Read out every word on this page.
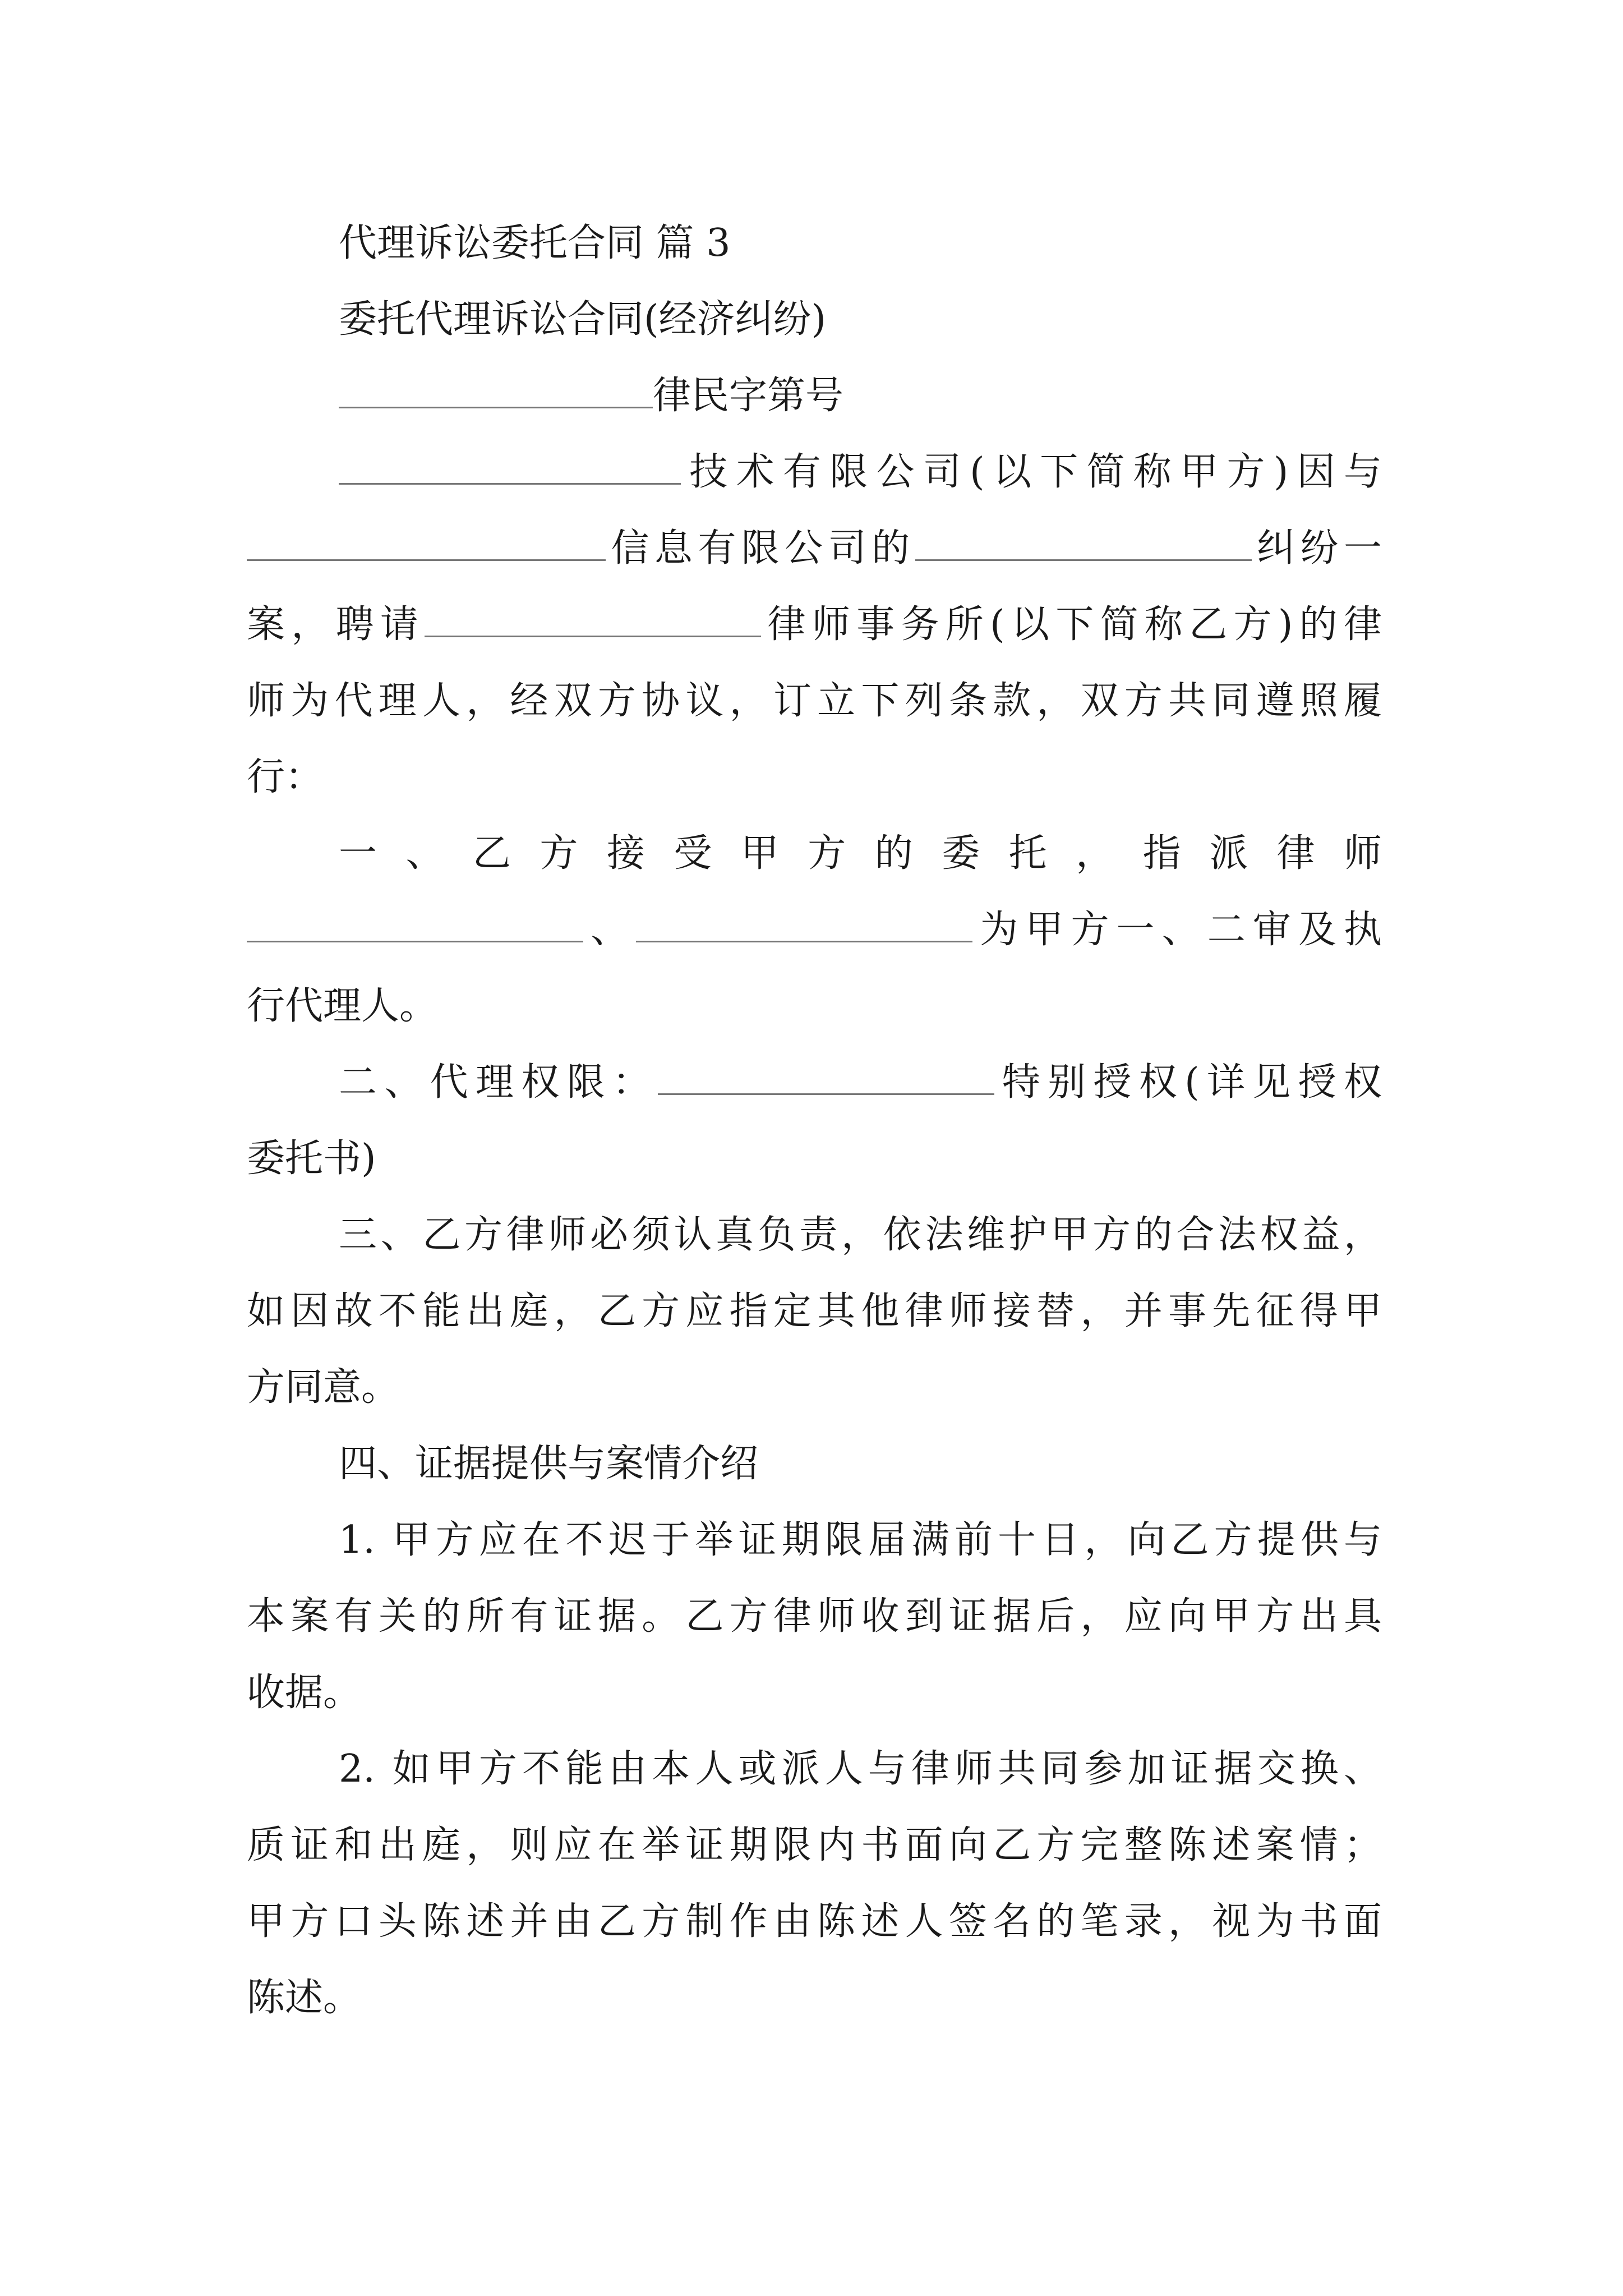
代理诉讼委托合同 篇 3
委托代理诉讼合同(经济纠纷)
律民字第号
技术有限公司(以下简称甲方)因与
信息有限公司的	纠纷一
案，聘请	律师事务所(以下简称乙方)的律
师为代理人，经双方协议，订立下列条款，双方共同遵照履
行：
一、乙方接受甲方的委托，指派律师
、	为甲方一、二审及执
行代理人。
二、代理权限：	特别授权(详见授权
委托书)
三、乙方律师必须认真负责，依法维护甲方的合法权益，
如因故不能出庭，乙方应指定其他律师接替，并事先征得甲
方同意。
四、证据提供与案情介绍
1. 甲方应在不迟于举证期限届满前十日，向乙方提供与
本案有关的所有证据。乙方律师收到证据后，应向甲方出具
收据。
2. 如甲方不能由本人或派人与律师共同参加证据交换、
质证和出庭，则应在举证期限内书面向乙方完整陈述案情；
甲方口头陈述并由乙方制作由陈述人签名的笔录，视为书面
陈述。
